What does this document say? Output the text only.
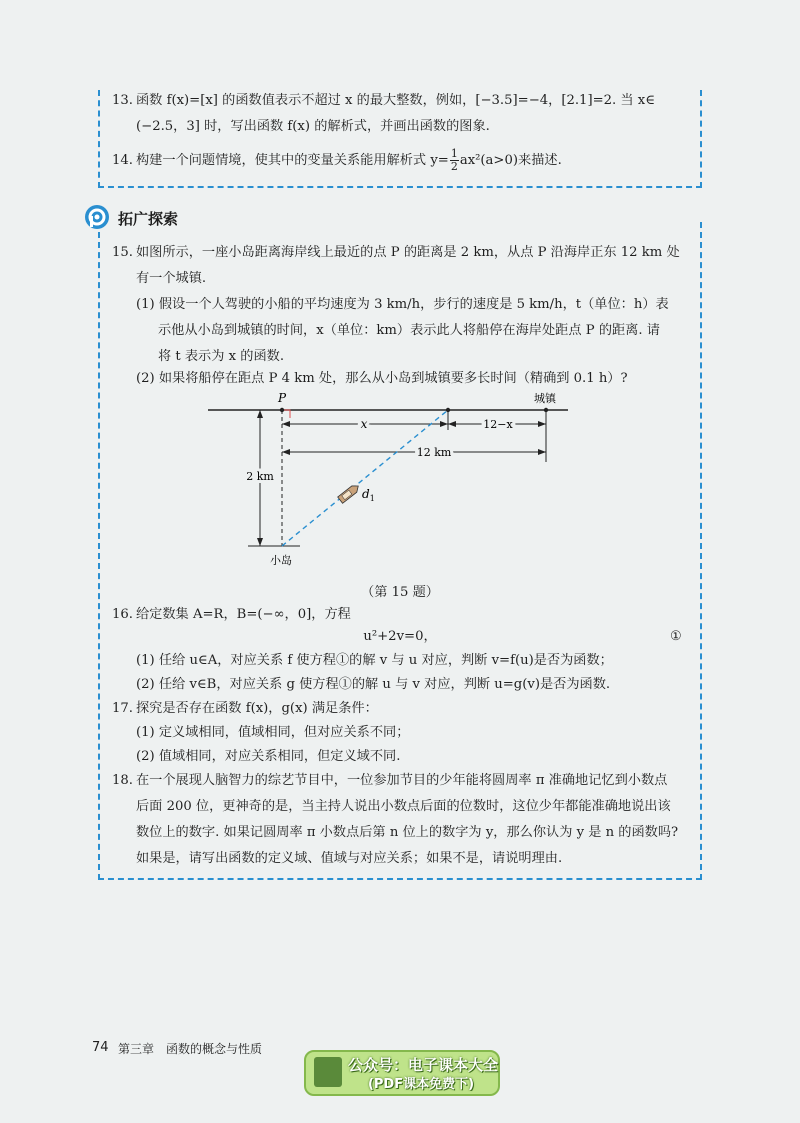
13. 函数 f(x)=[x] 的函数值表示不超过 x 的最大整数，例如，[−3.5]=−4，[2.1]=2. 当 x∈
(−2.5，3] 时，写出函数 f(x) 的解析式，并画出函数的图象.
14. 构建一个问题情境，使其中的变量关系能用解析式 $y= \frac{1}{2} ax^2(a>0)$来描述.
拓广探索
15. 如图所示，一座小岛距离海岸线上最近的点 P 的距离是 2 km，从点 P 沿海岸正东 12 km 处
有一个城镇.
(1) 假设一个人驾驶的小船的平均速度为 3 km/h，步行的速度是 5 km/h，t（单位：h）表
示他从小岛到城镇的时间，x（单位：km）表示此人将船停在海岸处距点 P 的距离. 请
将 t 表示为 x 的函数.
(2) 如果将船停在距点 P 4 km 处，那么从小岛到城镇要多长时间（精确到 0.1 h）?
P	城镇
x	12−x
12 km
2 km
$d_1$
小岛
（第 15 题）
16. 给定数集 A=R，B=(−∞，0]，方程
u²+2v=0，	①
(1) 任给 u∈A，对应关系 f 使方程①的解 v 与 u 对应，判断 v=f(u)是否为函数；
(2) 任给 v∈B，对应关系 g 使方程①的解 u 与 v 对应，判断 u=g(v)是否为函数.
17. 探究是否存在函数 f(x)，g(x) 满足条件：
(1) 定义域相同，值域相同，但对应关系不同；
(2) 值域相同，对应关系相同，但定义域不同.
18. 在一个展现人脑智力的综艺节目中，一位参加节目的少年能将圆周率 π 准确地记忆到小数点
后面 200 位，更神奇的是，当主持人说出小数点后面的位数时，这位少年都能准确地说出该
数位上的数字. 如果记圆周率 π 小数点后第 n 位上的数字为 y，那么你认为 y 是 n 的函数吗?
如果是，请写出函数的定义域、值域与对应关系；如果不是，请说明理由.
74 第三章　函数的概念与性质
公众号：电子课本大全
(PDF课本免费下)
